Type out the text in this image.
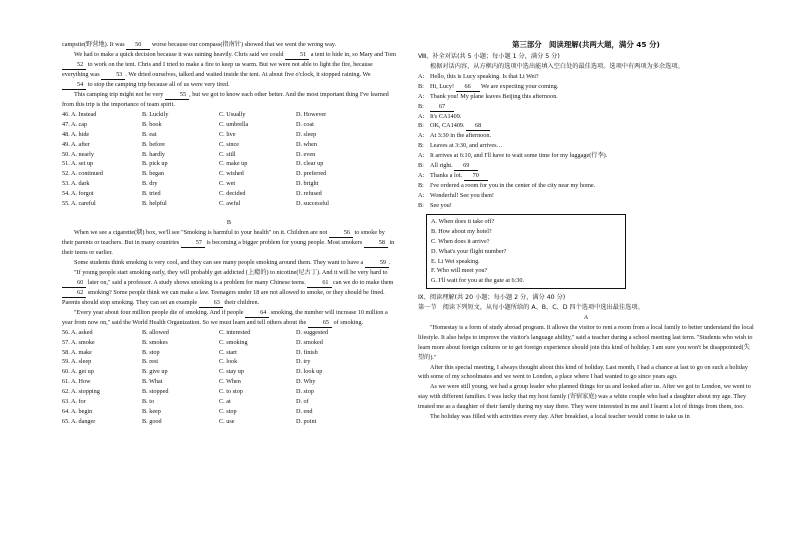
campsite(野营地). It was 50 worse because our compass(指南针) showed that we went the wrong way.

We had to make a quick decision because it was raining heavily. Chris said we could 51 a tent to hide in, so Mary and Tom 52 to work on the tent. Chris and I tried to make a fire to keep us warm. But we were not able to light the fire, because everything was 53 . We dried ourselves, talked and waited inside the tent. At about five o'clock, it stopped raining. We 54 to stop the camping trip because all of us were very tired.

This camping trip might not be very 55 , but we got to know each other better. And the most important thing I've learned from this trip is the importance of team spirit.

46. A. Instead	B. Luckily	C. Usually	D. However
47. A. cap	B. book	C. umbrella	D. coat
48. A. hide	B. eat	C. live	D. sleep
49. A. after	B. before	C. since	D. when
50. A. nearly	B. hardly	C. still	D. even
51. A. set up	B. pick up	C. make up	D. clear up
52. A. continued	B. began	C. wished	D. preferred
53. A. dark	B. dry	C. wet	D. bright
54. A. forgot	B. tried	C. decided	D. refused
55. A. careful	B. helpful	C. awful	D. successful

B

When we see a cigarette(烟) box, we'll see "Smoking is harmful to your health" on it. Children are not 56 to smoke by their parents or teachers. But in many countries 57 is becoming a bigger problem for young people. Most smokers 58 in their teens or earlier.

Some students think smoking is very cool, and they can see many people smoking around them. They want to have a 59 .

"If young people start smoking early, they will probably get addicted (上瘾的) to nicotine(尼古丁). And it will be very hard to 60 later on," said a professor. A study shows smoking is a problem for many Chinese teens. 61 can we do to make them 62 smoking? Some people think we can make a law. Teenagers under 18 are not allowed to smoke, or they should be fined. Parents should stop smoking. They can set an example 63 their children.

"Every year about four million people die of smoking. And if people 64 smoking, the number will increase 10 million a year from now on," said the World Health Organization. So we must learn and tell others about the 65 of smoking.

56. A. asked	B. allowed	C. interested	D. suggested
57. A. smoke	B. smokes	C. smoking	D. smoked
58. A. make	B. stop	C. start	D. finish
59. A. sleep	B. rest	C. look	D. try
60. A. get up	B. give up	C. stay up	D. look up
61. A. How	B. What	C. When	D. Why
62. A. stopping	B. stopped	C. to stop	D. stop
63. A. for	B. to	C. at	D. of
64. A. begin	B. keep	C. stop	D. end
65. A. danger	B. good	C. use	D. point

第三部分　阅读理解(共两大题，满分 45 分)

Ⅷ、补全对话(共 5 小题；每小题 1 分，满分 5 分)

根据对话内容，从方框内的选项中选出能填入空白处的最佳选项。选项中有两项为多余选项。

A: Hello, this is Lucy speaking. Is that Li Wei?
B: Hi, Lucy! 66 We are expecting your coming.
A: Thank you! My plane leaves Beijing this afternoon.
B:	67
A: It's CA1409.
B: OK, CA1409. 68
A: At 3:30 in the afternoon.
B: Leaves at 3:30, and arrives…
A: It arrives at 6:10, and I'll have to wait some time for my luggage(行李).
B: All right. 69
A: Thanks a lot. 70
B: I've ordered a room for you in the center of the city near my home.
A: Wonderful! See you then!
B: See you!
A. When does it take off?
B. How about my hotel?
C. When does it arrive?
D. What's your flight number?
E. Li Wei speaking.
F. Who will meet you?
G. I'll wait for you at the gate at 6:30.

Ⅸ、阅读理解(共 20 小题；每小题 2 分，满分 40 分)

第一节　阅读下列短文，从每小题所给的 A、B、C、D 四个选项中选出最佳选项。

A

"Homestay is a form of study abroad program. It allows the visitor to rent a room from a local family to better understand the local lifestyle. It also helps to improve the visitor's language ability," said a teacher during a school meeting last term. "Students who wish to learn more about foreign cultures or to get foreign experience should join this kind of holiday. I am sure you won't be disappointed(失望的)."

After this special meeting, I always thought about this kind of holiday. Last month, I had a chance at last to go on such a holiday with some of my schoolmates and we went to London, a place where I had wanted to go since years ago.

As we were still young, we had a group leader who planned things for us and looked after us. After we got to London, we went to stay with different families. I was lucky that my host family (寄宿家庭) was a white couple who had a daughter about my age. They treated me as a daughter of their family during my stay there. They were interested in me and I learnt a lot of things from them, too.

The holiday was filled with activities every day. After breakfast, a local teacher would come to take us in
